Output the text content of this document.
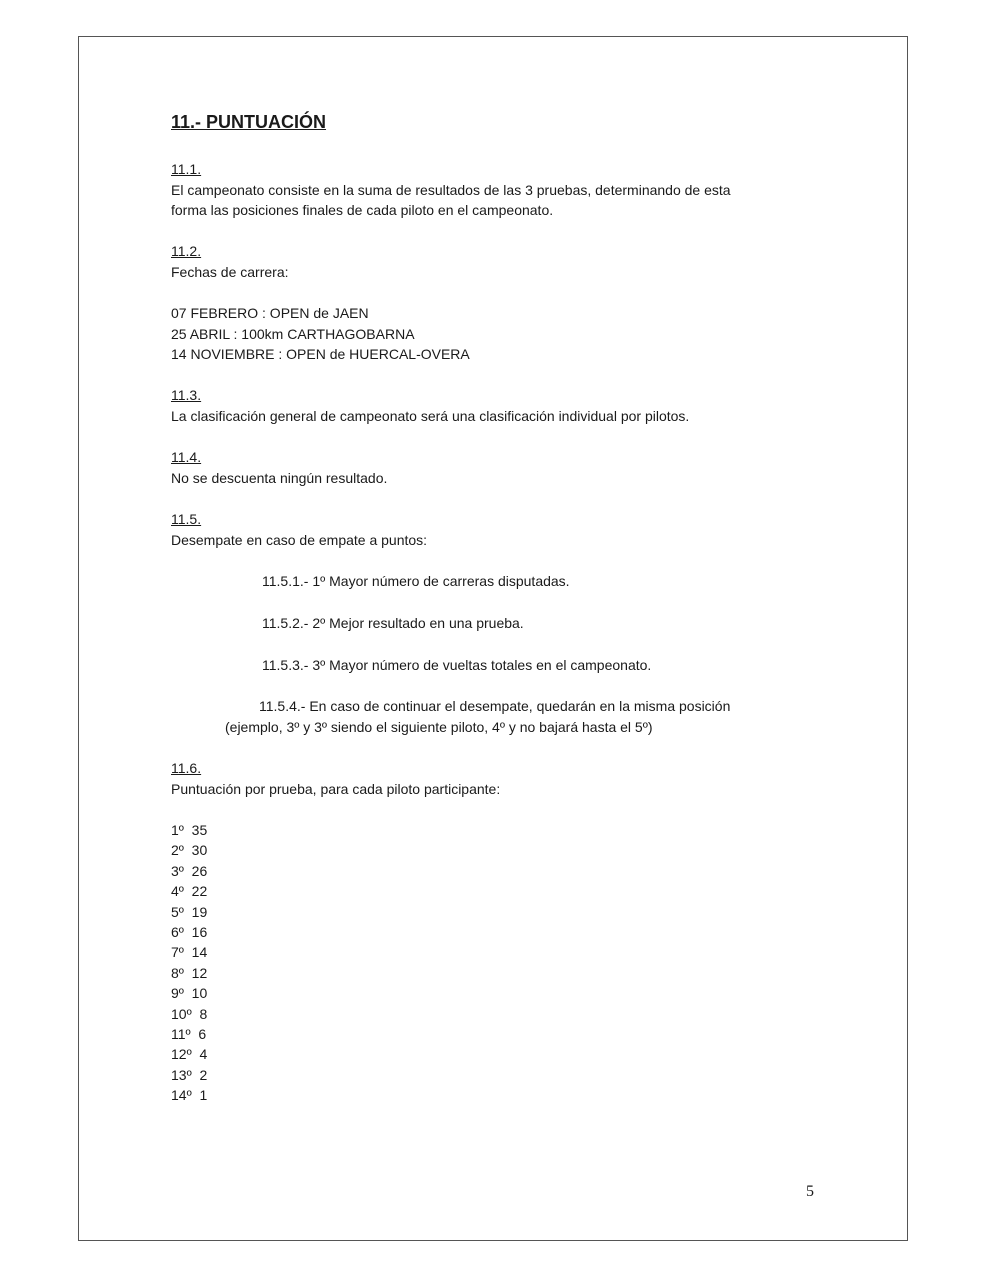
11.- PUNTUACIÓN

11.1.

El campeonato consiste en la suma de resultados de las 3 pruebas, determinando de esta

forma las posiciones finales de cada piloto en el campeonato.

11.2.

Fechas de carrera:

07 FEBRERO : OPEN de JAEN

25 ABRIL : 100km CARTHAGOBARNA

14 NOVIEMBRE : OPEN de HUERCAL-OVERA

11.3.

La clasificación general de campeonato será una clasificación individual por pilotos.

11.4.

No se descuenta ningún resultado.

11.5.

Desempate en caso de empate a puntos:

11.5.1.- 1º Mayor número de carreras disputadas.

11.5.2.- 2º Mejor resultado en una prueba.

11.5.3.- 3º Mayor número de vueltas totales en el campeonato.

11.5.4.- En caso de continuar el desempate, quedarán en la misma posición

(ejemplo, 3º y 3º siendo el siguiente piloto, 4º y no bajará hasta el 5º)

11.6.

Puntuación por prueba, para cada piloto participante:

1º  35
2º  30
3º  26
4º  22
5º  19
6º  16
7º  14
8º  12
9º  10
10º  8
11º  6
12º  4
13º  2
14º  1
5
